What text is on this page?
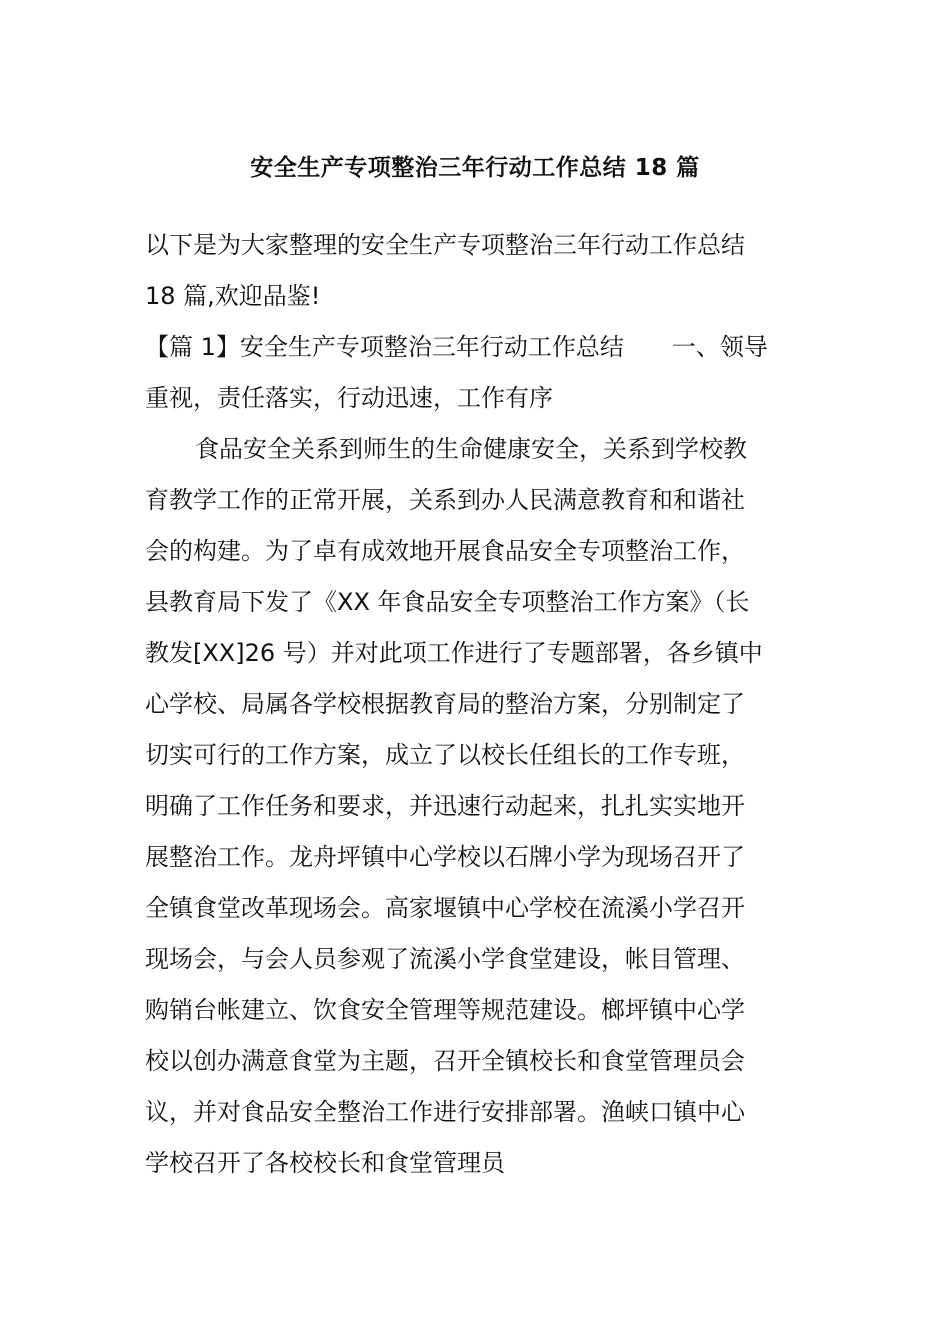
安全生产专项整治三年行动工作总结 18 篇
以下是为大家整理的安全生产专项整治三年行动工作总结
18 篇,欢迎品鉴!
【篇 1】安全生产专项整治三年行动工作总结　　一、领导
重视，责任落实，行动迅速，工作有序
食品安全关系到师生的生命健康安全，关系到学校教
育教学工作的正常开展，关系到办人民满意教育和和谐社
会的构建。为了卓有成效地开展食品安全专项整治工作，
县教育局下发了《XX 年食品安全专项整治工作方案》（长
教发[XX]26 号）并对此项工作进行了专题部署，各乡镇中
心学校、局属各学校根据教育局的整治方案，分别制定了
切实可行的工作方案，成立了以校长任组长的工作专班，
明确了工作任务和要求，并迅速行动起来，扎扎实实地开
展整治工作。龙舟坪镇中心学校以石牌小学为现场召开了
全镇食堂改革现场会。高家堰镇中心学校在流溪小学召开
现场会，与会人员参观了流溪小学食堂建设，帐目管理、
购销台帐建立、饮食安全管理等规范建设。榔坪镇中心学
校以创办满意食堂为主题，召开全镇校长和食堂管理员会
议，并对食品安全整治工作进行安排部署。渔峡口镇中心
学校召开了各校校长和食堂管理员
